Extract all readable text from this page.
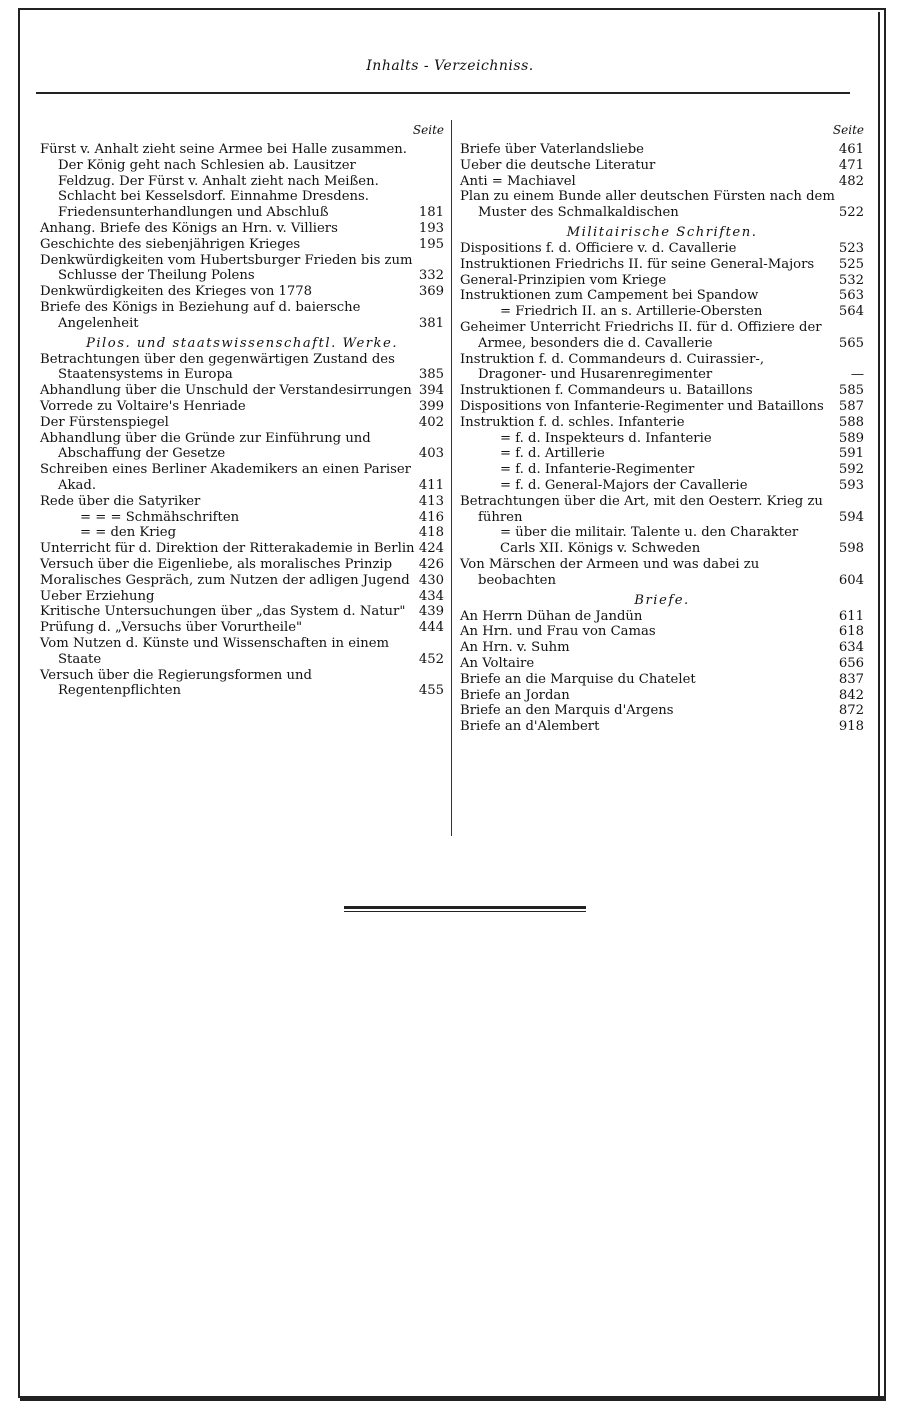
Inhalts - Verzeichniss.
Seite
Fürst v. Anhalt zieht seine Armee bei Halle zusammen. Der König geht nach Schlesien ab. Lausitzer Feldzug. Der Fürst v. Anhalt zieht nach Meißen. Schlacht bei Kesselsdorf. Einnahme Dresdens. Friedensunterhandlungen und Abschluß	181
Anhang. Briefe des Königs an Hrn. v. Villiers	193
Geschichte des siebenjährigen Krieges	195
Denkwürdigkeiten vom Hubertsburger Frieden bis zum Schlusse der Theilung Polens	332
Denkwürdigkeiten des Krieges von 1778	369
Briefe des Königs in Beziehung auf d. baiersche Angelenheit	381
Pilos. und staatswissenschaftl. Werke.
Betrachtungen über den gegenwärtigen Zustand des Staatensystems in Europa	385
Abhandlung über die Unschuld der Verstandesirrungen 394
Vorrede zu Voltaire's Henriade	399
Der Fürstenspiegel	402
Abhandlung über die Gründe zur Einführung und Abschaffung der Gesetze	403
Schreiben eines Berliner Akademikers an einen Pariser Akad.	411
Rede über die Satyriker	413
= = = Schmähschriften	416
= = den Krieg	418
Unterricht für d. Direktion der Ritterakademie in Berlin 424
Versuch über die Eigenliebe, als moralisches Prinzip	426
Moralisches Gespräch, zum Nutzen der adligen Jugend 430
Ueber Erziehung	434
Kritische Untersuchungen über „das System d. Natur"	439
Prüfung d. „Versuchs über Vorurtheile"	444
Vom Nutzen d. Künste und Wissenschaften in einem Staate	452
Versuch über die Regierungsformen und Regentenpflichten	455
Seite
Briefe über Vaterlandsliebe	461
Ueber die deutsche Literatur	471
Anti = Machiavel	482
Plan zu einem Bunde aller deutschen Fürsten nach dem Muster des Schmalkaldischen	522
Militairische Schriften.
Dispositions f. d. Officiere v. d. Cavallerie	523
Instruktionen Friedrichs II. für seine General-Majors	525
General-Prinzipien vom Kriege	532
Instruktionen zum Campement bei Spandow	563
= Friedrich II. an s. Artillerie-Obersten	564
Geheimer Unterricht Friedrichs II. für d. Offiziere der Armee, besonders die d. Cavallerie	565
Instruktion f. d. Commandeurs d. Cuirassier-, Dragoner- und Husarenregimenter	—
Instruktionen f. Commandeurs u. Bataillons	585
Dispositions von Infanterie-Regimenter und Bataillons	587
Instruktion f. d. schles. Infanterie	588
= f. d. Inspekteurs d. Infanterie	589
= f. d. Artillerie	591
= f. d. Infanterie-Regimenter	592
= f. d. General-Majors der Cavallerie	593
Betrachtungen über die Art, mit den Oesterr. Krieg zu führen	594
= über die militair. Talente u. den Charakter Carls XII. Königs v. Schweden	598
Von Märschen der Armeen und was dabei zu beobachten	604
Briefe.
An Herrn Dühan de Jandün	611
An Hrn. und Frau von Camas	618
An Hrn. v. Suhm	634
An Voltaire	656
Briefe an die Marquise du Chatelet	837
Briefe an Jordan	842
Briefe an den Marquis d'Argens	872
Briefe an d'Alembert	918
